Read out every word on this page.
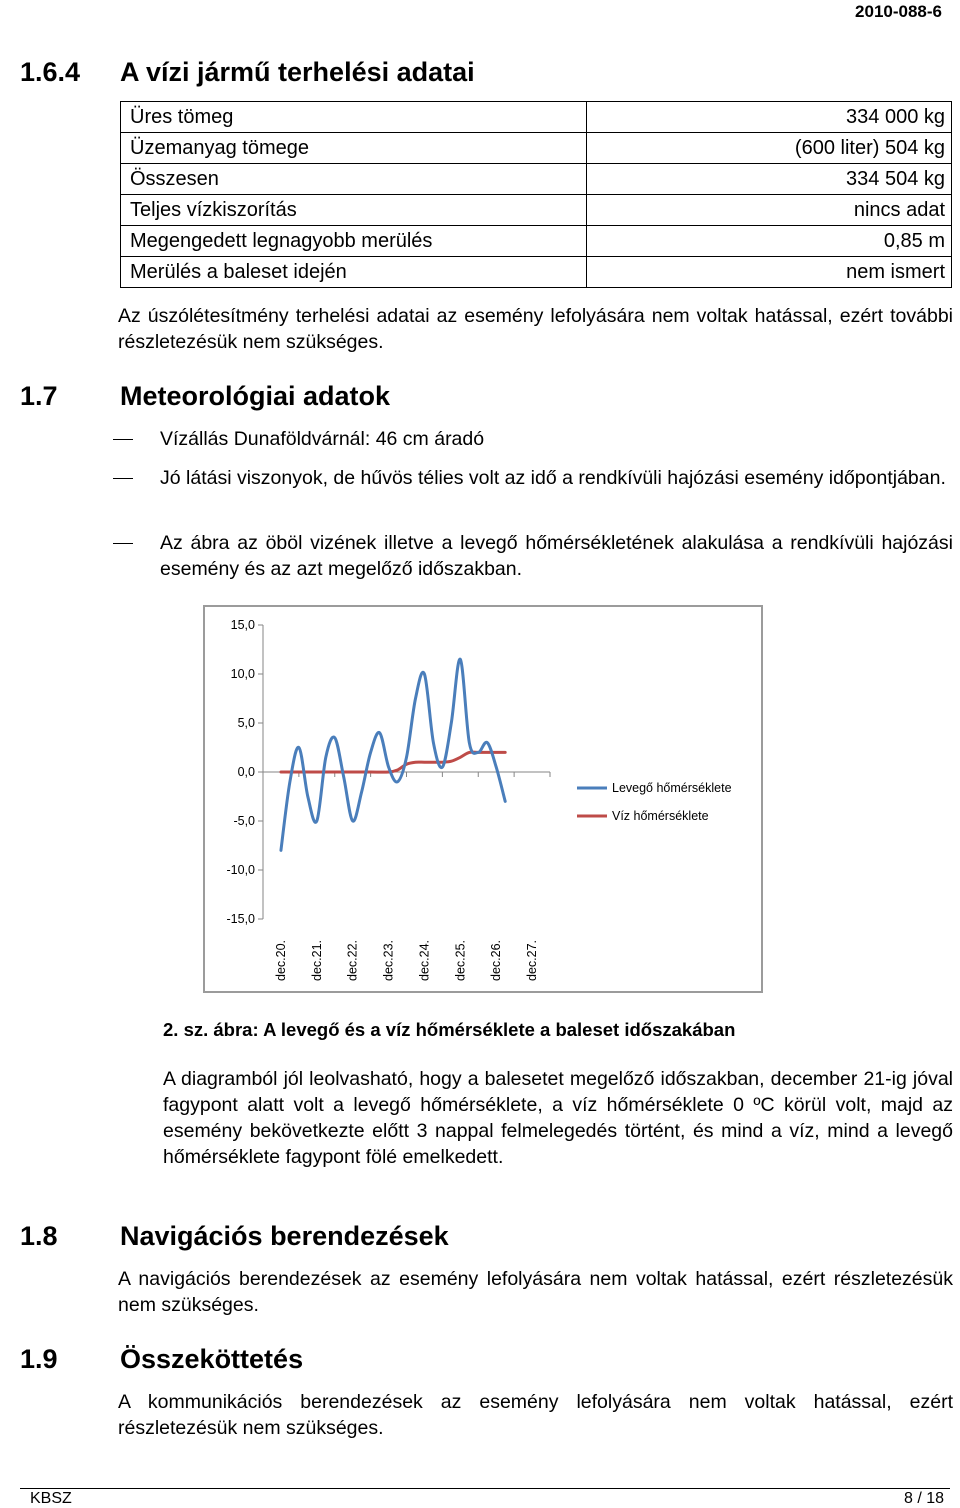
2010-088-6
1.6.4 A vízi jármű terhelési adatai
Üres tömeg	334 000 kg
Üzemanyag tömege	(600 liter) 504 kg
Összesen	334 504 kg
Teljes vízkiszorítás	nincs adat
Megengedett legnagyobb merülés	0,85 m
Merülés a baleset idején	nem ismert
Az úszólétesítmény terhelési adatai az esemény lefolyására nem voltak hatással, ezért további részletezésük nem szükséges.
1.7 Meteorológiai adatok
Vízállás Dunaföldvárnál: 46 cm áradó
Jó látási viszonyok, de hűvös télies volt az idő a rendkívüli hajózási esemény időpontjában.
Az ábra az öböl vizének illetve a levegő hőmérsékletének alakulása a rendkívüli hajózási esemény és az azt megelőző időszakban.
15,0
10,0
5,0
0,0
-5,0
-10,0
-15,0
dec.20. dec.21. dec.22. dec.23. dec.24. dec.25. dec.26. dec.27.
Levegő hőmérséklete
Víz hőmérséklete
2. sz. ábra: A levegő és a víz hőmérséklete a baleset időszakában
A diagramból jól leolvasható, hogy a balesetet megelőző időszakban, december 21-ig jóval fagypont alatt volt a levegő hőmérséklete, a víz hőmérséklete 0 ºC körül volt, majd az esemény bekövetkezte előtt 3 nappal felmelegedés történt, és mind a víz, mind a levegő hőmérséklete fagypont fölé emelkedett.
1.8 Navigációs berendezések
A navigációs berendezések az esemény lefolyására nem voltak hatással, ezért részletezésük nem szükséges.
1.9 Összeköttetés
A kommunikációs berendezések az esemény lefolyására nem voltak hatással, ezért részletezésük nem szükséges.
KBSZ	8 / 18
